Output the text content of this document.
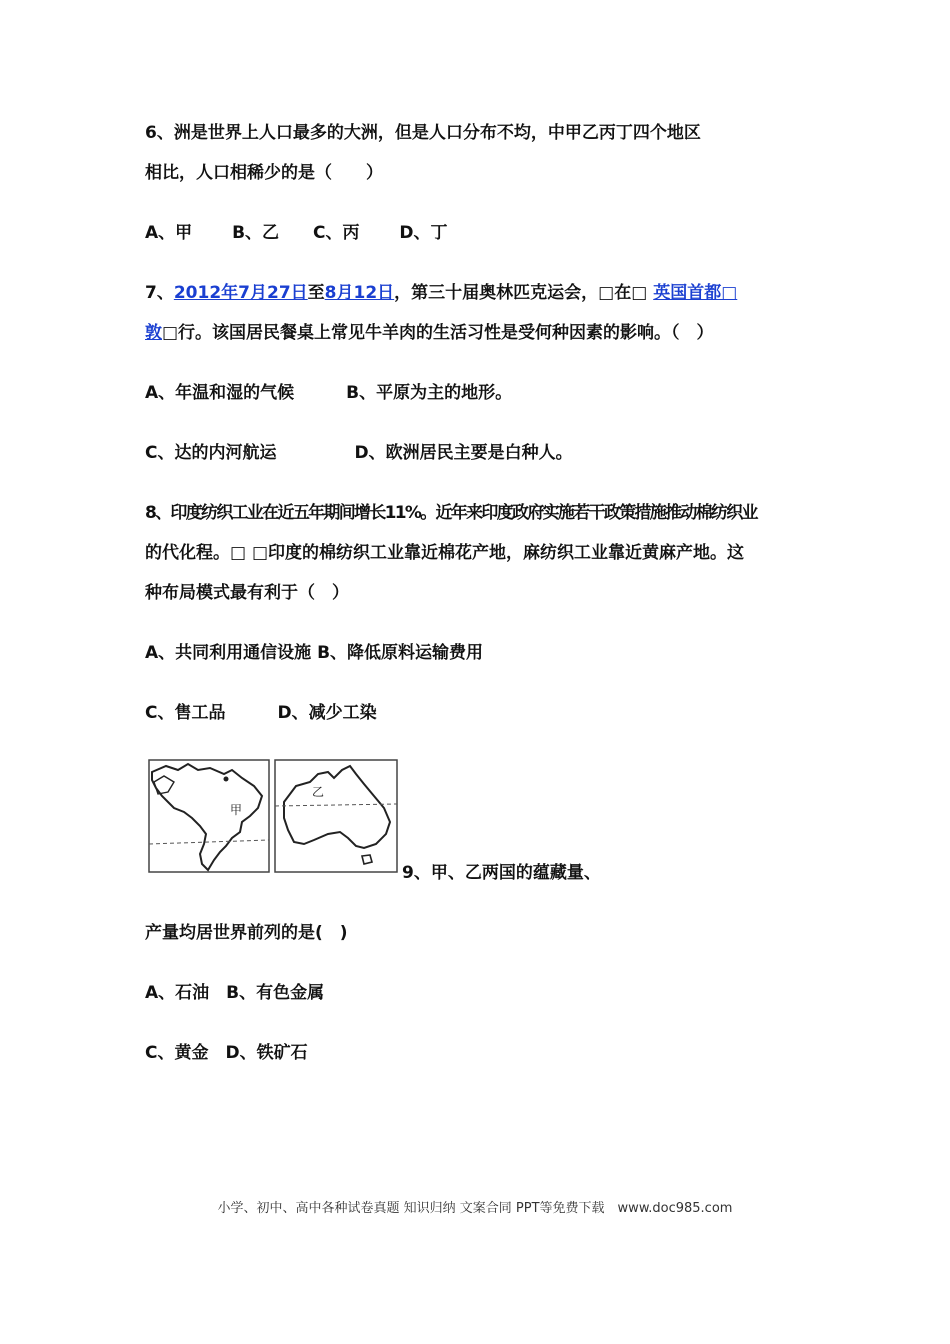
6、洲是世界上人口最多的大洲，但是人口分布不均，中甲乙丙丁四个地区
相比，人口相稀少的是（　　）
A、甲　　 B、乙　　C、丙　　 D、丁
7、2012年7月27日至8月12日，第三十届奥林匹克运会，□在□ 英国首都□
敦□行。该国居民餐桌上常见牛羊肉的生活习性是受何种因素的影响。（　）
A、年温和湿的气候	B、平原为主的地形。
C、达的内河航运	D、欧洲居民主要是白种人。
8、印度纺织工业在近五年期间增长11%。近年来印度政府实施若干政策措施推动棉纺织业
的代化程。□ □印度的棉纺织工业靠近棉花产地，麻纺织工业靠近黄麻产地。这
种布局模式最有利于（　）
A、共同利用通信设施 B、降低原料运输费用
C、售工品	D、减少工染
甲
乙
9、甲、乙两国的蕴藏量、
产量均居世界前列的是(　)
A、石油　B、有色金属
C、黄金　D、铁矿石
小学、初中、高中各种试卷真题 知识归纳 文案合同 PPT等免费下载　www.doc985.com
